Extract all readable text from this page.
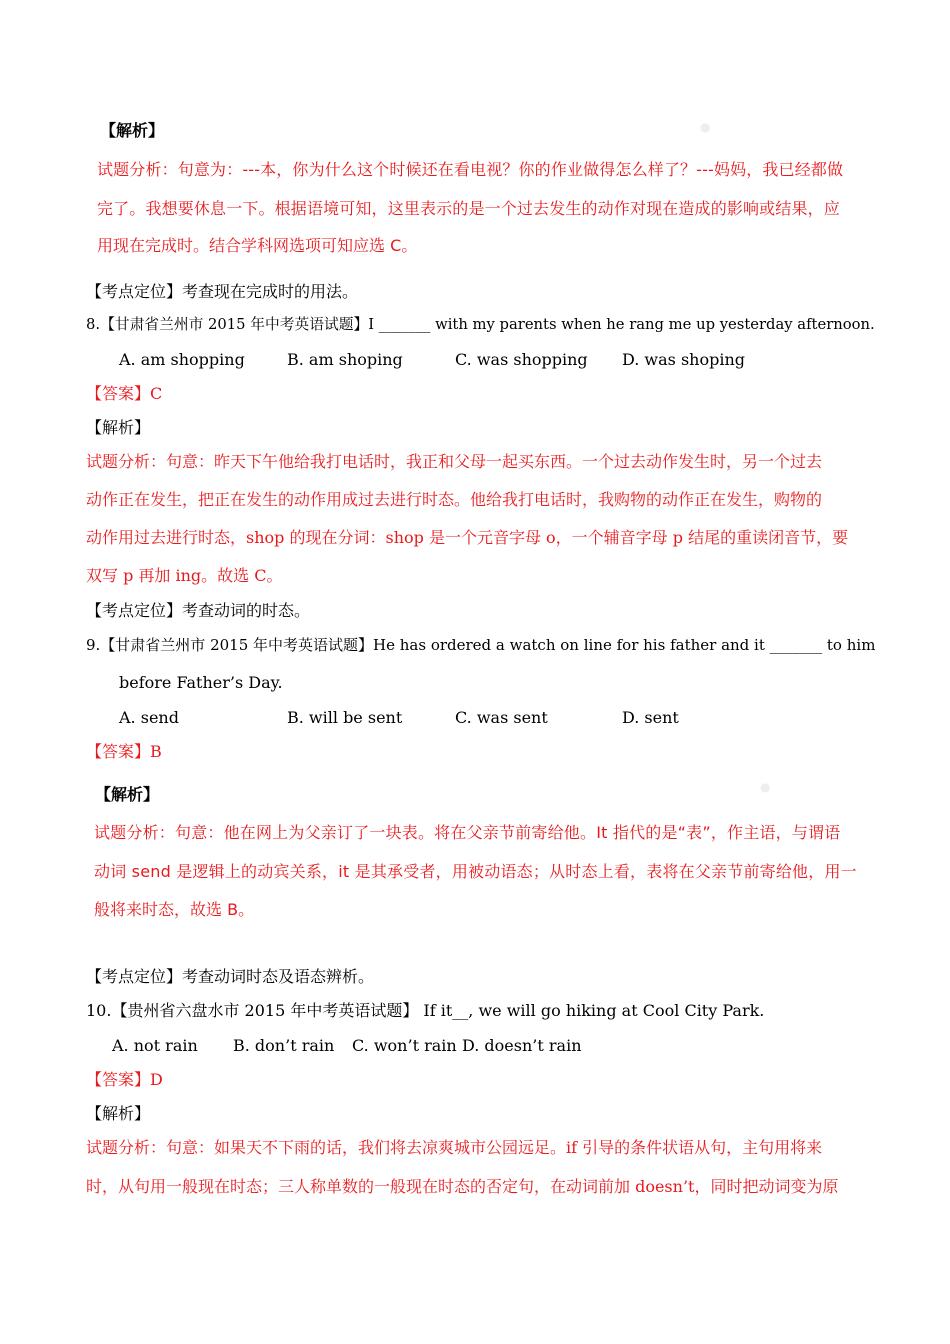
●
●
【解析】
试题分析：句意为：---本，你为什么这个时候还在看电视？你的作业做得怎么样了？---妈妈，我已经都做
完了。我想要休息一下。根据语境可知，这里表示的是一个过去发生的动作对现在造成的影响或结果，应
用现在完成时。结合学科网选项可知应选 C。
【考点定位】考查现在完成时的用法。
8.【甘肃省兰州市 2015 年中考英语试题】I _______ with my parents when he rang me up yesterday afternoon.
A. am shopping	B. am shoping	C. was shopping D. was shoping
【答案】C
【解析】
试题分析：句意：昨天下午他给我打电话时，我正和父母一起买东西。一个过去动作发生时，另一个过去
动作正在发生，把正在发生的动作用成过去进行时态。他给我打电话时，我购物的动作正在发生，购物的
动作用过去进行时态，shop 的现在分词：shop 是一个元音字母 o，一个辅音字母 p 结尾的重读闭音节，要
双写 p 再加 ing。故选 C。
【考点定位】考查动词的时态。
9.【甘肃省兰州市 2015 年中考英语试题】He has ordered a watch on line for his father and it _______ to him
before Father’s Day.
A. send	B. will be sent	C. was sent	D. sent
【答案】B
【解析】
试题分析：句意：他在网上为父亲订了一块表。将在父亲节前寄给他。It 指代的是“表”，作主语，与谓语
动词 send 是逻辑上的动宾关系，it 是其承受者，用被动语态；从时态上看，表将在父亲节前寄给他，用一
般将来时态，故选 B。
【考点定位】考查动词时态及语态辨析。
10.【贵州省六盘水市 2015 年中考英语试题】 If it__, we will go hiking at Cool City Park.
A. not rain B. don’t rain C. won’t rain D. doesn’t rain
【答案】D
【解析】
试题分析：句意：如果天不下雨的话，我们将去凉爽城市公园远足。if 引导的条件状语从句，主句用将来
时，从句用一般现在时态；三人称单数的一般现在时态的否定句，在动词前加 doesn’t，同时把动词变为原
